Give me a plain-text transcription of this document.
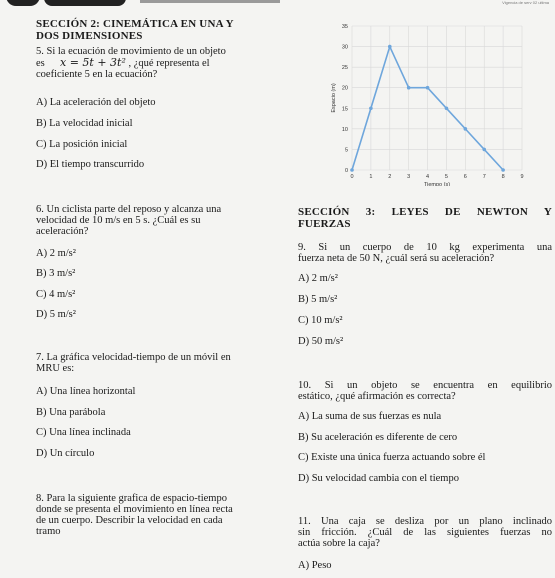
Vigencia de serv 02 ultima
SECCIÓN 2: CINEMÁTICA EN UNA Y
DOS DIMENSIONES
5. Si la ecuación de movimiento de un objeto
es x = 5t + 3t² , ¿qué representa el
coeficiente 5 en la ecuación?
A) La aceleración del objeto
B) La velocidad inicial
C) La posición inicial
D) El tiempo transcurrido
0
5
10
15
20
25
30
35
0	1	2	3	4	5	6	7	8	9
Tiempo (s)
Espacio (m)
6. Un ciclista parte del reposo y alcanza una
velocidad de 10 m/s en 5 s. ¿Cuál es su
aceleración?
A) 2 m/s²
B) 3 m/s²
C) 4 m/s²
D) 5 m/s²
7. La gráfica velocidad-tiempo de un móvil en
MRU es:
A) Una línea horizontal
B) Una parábola
C) Una línea inclinada
D) Un círculo
8. Para la siguiente grafica de espacio-tiempo
donde se presenta el movimiento en línea recta
de un cuerpo. Describir la velocidad en cada
tramo
SECCIÓN 3: LEYES DE NEWTON Y
FUERZAS
9. Si un cuerpo de 10 kg experimenta una
fuerza neta de 50 N, ¿cuál será su aceleración?
A) 2 m/s²
B) 5 m/s²
C) 10 m/s²
D) 50 m/s²
10. Si un objeto se encuentra en equilibrio
estático, ¿qué afirmación es correcta?
A) La suma de sus fuerzas es nula
B) Su aceleración es diferente de cero
C) Existe una única fuerza actuando sobre él
D) Su velocidad cambia con el tiempo
11. Una caja se desliza por un plano inclinado
sin fricción. ¿Cuál de las siguientes fuerzas no
actúa sobre la caja?
A) Peso
